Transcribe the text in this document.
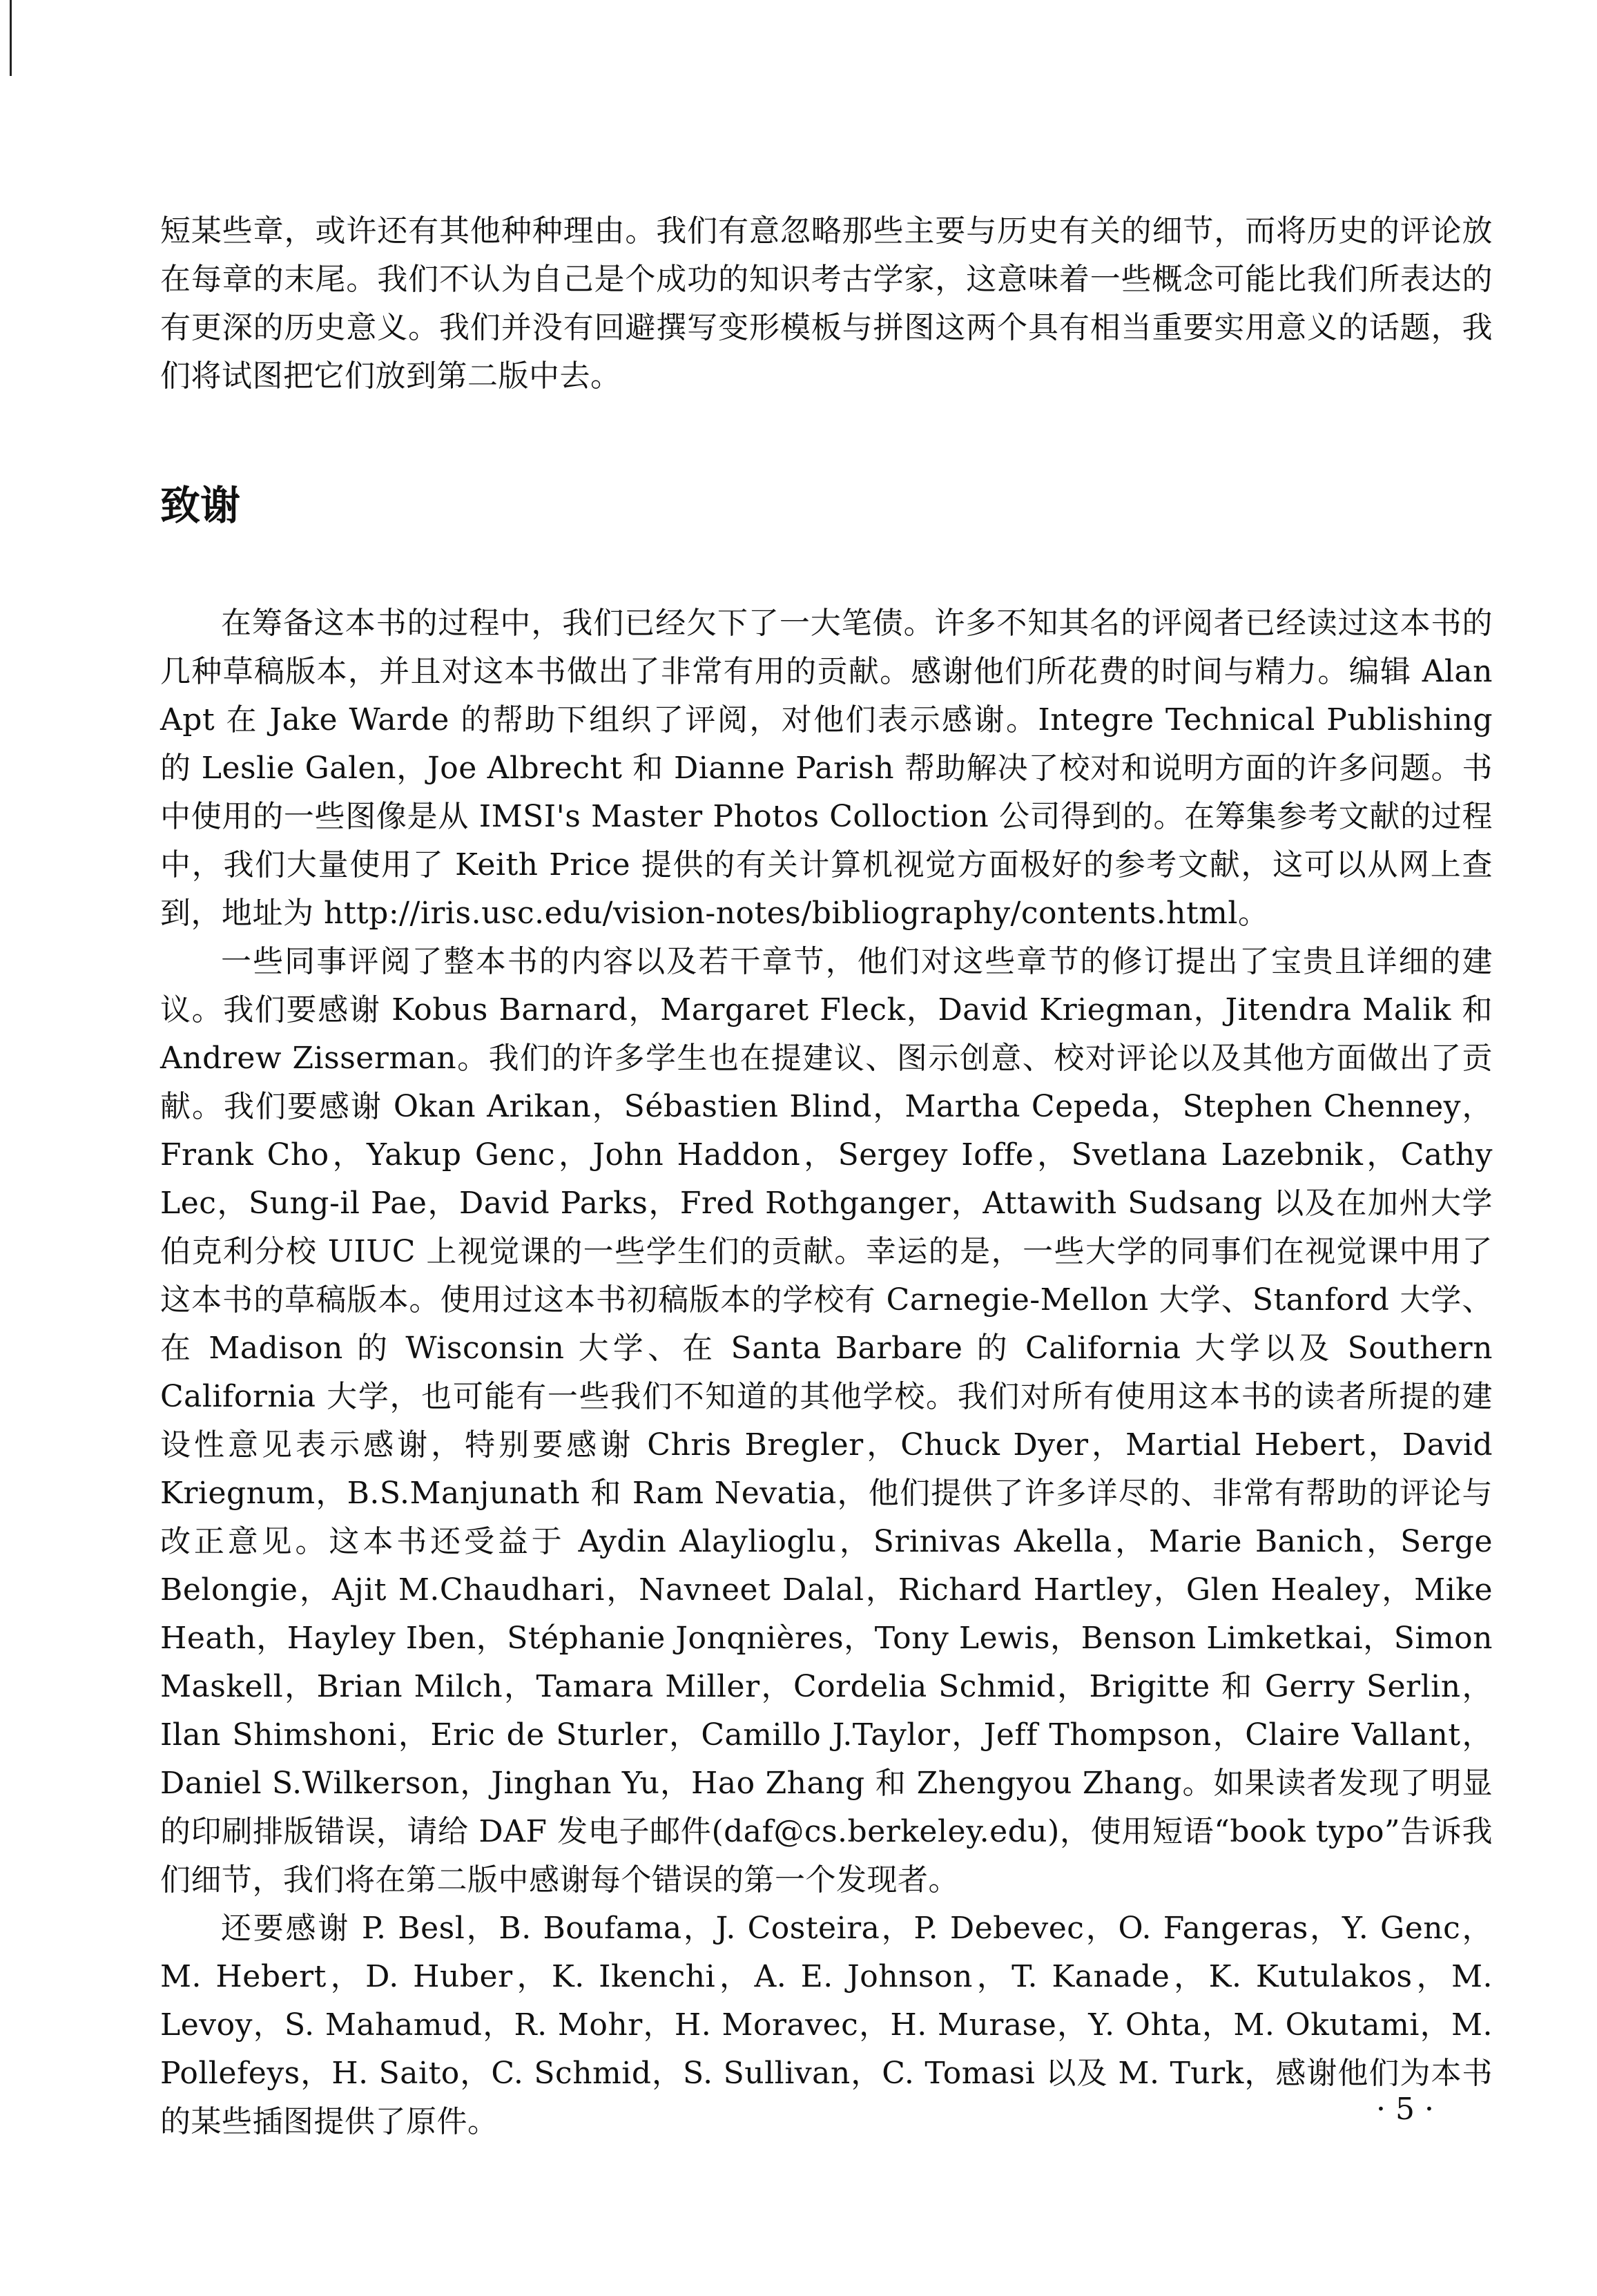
短某些章，或许还有其他种种理由。我们有意忽略那些主要与历史有关的细节，而将历史的评论放在每章的末尾。我们不认为自己是个成功的知识考古学家，这意味着一些概念可能比我们所表达的有更深的历史意义。我们并没有回避撰写变形模板与拼图这两个具有相当重要实用意义的话题，我们将试图把它们放到第二版中去。

致谢

在筹备这本书的过程中，我们已经欠下了一大笔债。许多不知其名的评阅者已经读过这本书的几种草稿版本，并且对这本书做出了非常有用的贡献。感谢他们所花费的时间与精力。编辑 Alan Apt 在 Jake Warde 的帮助下组织了评阅，对他们表示感谢。Integre Technical Publishing 的 Leslie Galen，Joe Albrecht 和 Dianne Parish 帮助解决了校对和说明方面的许多问题。书中使用的一些图像是从 IMSI's Master Photos Colloction 公司得到的。在筹集参考文献的过程中，我们大量使用了 Keith Price 提供的有关计算机视觉方面极好的参考文献，这可以从网上查到，地址为 http://iris.usc.edu/vision-notes/bibliography/contents.html。

一些同事评阅了整本书的内容以及若干章节，他们对这些章节的修订提出了宝贵且详细的建议。我们要感谢 Kobus Barnard，Margaret Fleck，David Kriegman，Jitendra Malik 和 Andrew Zisserman。我们的许多学生也在提建议、图示创意、校对评论以及其他方面做出了贡献。我们要感谢 Okan Arikan，Sébastien Blind，Martha Cepeda，Stephen Chenney，Frank Cho，Yakup Genc，John Haddon，Sergey Ioffe，Svetlana Lazebnik，Cathy Lec，Sung-il Pae，David Parks，Fred Rothganger，Attawith Sudsang 以及在加州大学伯克利分校 UIUC 上视觉课的一些学生们的贡献。幸运的是，一些大学的同事们在视觉课中用了这本书的草稿版本。使用过这本书初稿版本的学校有 Carnegie-Mellon 大学、Stanford 大学、在 Madison 的 Wisconsin 大学、在 Santa Barbare 的 California 大学以及 Southern California 大学，也可能有一些我们不知道的其他学校。我们对所有使用这本书的读者所提的建设性意见表示感谢，特别要感谢 Chris Bregler，Chuck Dyer，Martial Hebert，David Kriegnum，B.S.Manjunath 和 Ram Nevatia，他们提供了许多详尽的、非常有帮助的评论与改正意见。这本书还受益于 Aydin Alaylioglu，Srinivas Akella，Marie Banich，Serge Belongie，Ajit M.Chaudhari，Navneet Dalal，Richard Hartley，Glen Healey，Mike Heath，Hayley Iben，Stéphanie Jonqnières，Tony Lewis，Benson Limketkai，Simon Maskell，Brian Milch，Tamara Miller，Cordelia Schmid，Brigitte 和 Gerry Serlin，Ilan Shimshoni，Eric de Sturler，Camillo J.Taylor，Jeff Thompson，Claire Vallant，Daniel S.Wilkerson，Jinghan Yu，Hao Zhang 和 Zhengyou Zhang。如果读者发现了明显的印刷排版错误，请给 DAF 发电子邮件(daf@cs.berkeley.edu)，使用短语“book typo”告诉我们细节，我们将在第二版中感谢每个错误的第一个发现者。

还要感谢 P. Besl，B. Boufama，J. Costeira，P. Debevec，O. Fangeras，Y. Genc，M. Hebert，D. Huber，K. Ikenchi，A. E. Johnson，T. Kanade，K. Kutulakos，M. Levoy，S. Mahamud，R. Mohr，H. Moravec，H. Murase，Y. Ohta，M. Okutami，M. Pollefeys，H. Saito，C. Schmid，S. Sullivan，C. Tomasi 以及 M. Turk，感谢他们为本书的某些插图提供了原件。	· 5 ·
